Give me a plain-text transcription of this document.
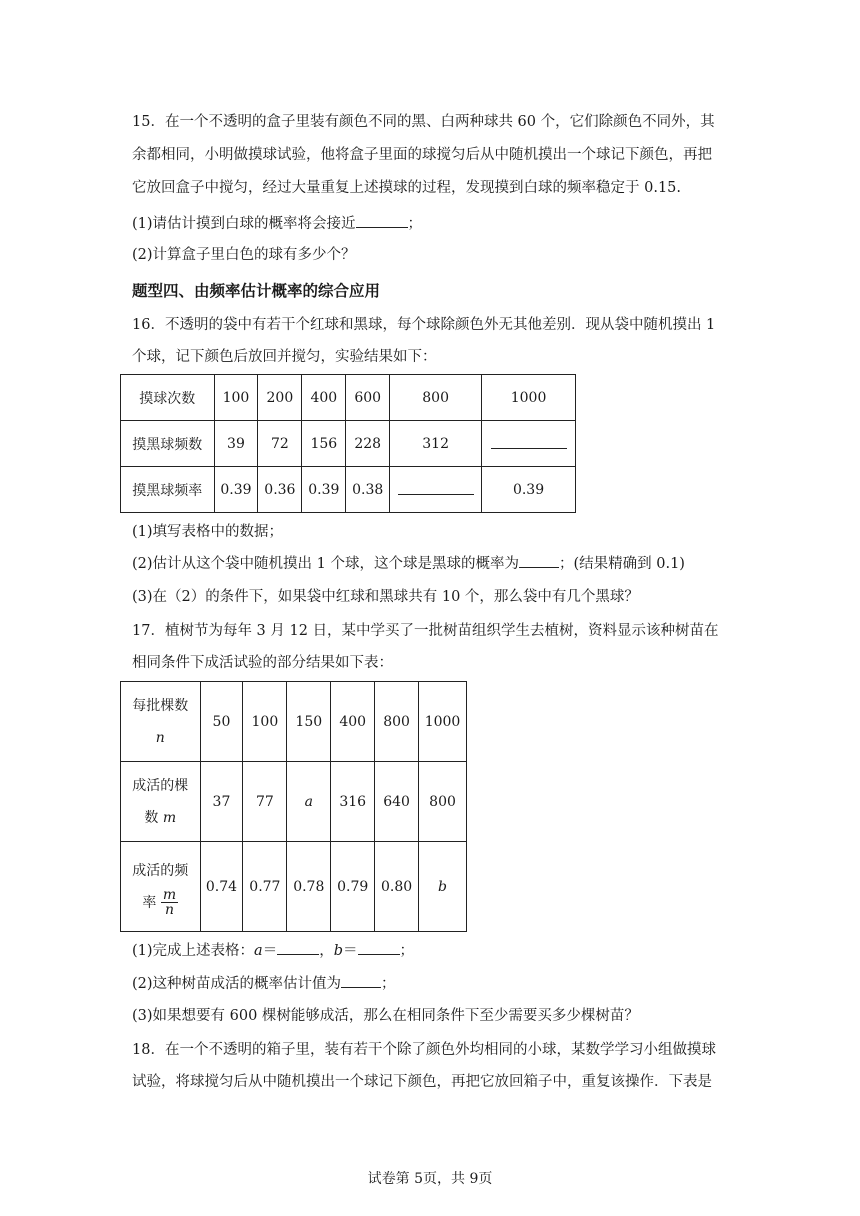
15．在一个不透明的盒子里装有颜色不同的黑、白两种球共 60 个，它们除颜色不同外，其
余都相同，小明做摸球试验，他将盒子里面的球搅匀后从中随机摸出一个球记下颜色，再把
它放回盒子中搅匀，经过大量重复上述摸球的过程，发现摸到白球的频率稳定于 0.15.
(1)请估计摸到白球的概率将会接近	；
(2)计算盒子里白色的球有多少个？
题型四、由频率估计概率的综合应用
16．不透明的袋中有若干个红球和黑球，每个球除颜色外无其他差别．现从袋中随机摸出 1
个球，记下颜色后放回并搅匀，实验结果如下：
摸球次数	100	200	400	600	800	1000
摸黑球频数	39	72	156	228	312	
摸黑球频率	0.39	0.36	0.39	0.38		0.39
(1)填写表格中的数据；
(2)估计从这个袋中随机摸出 1 个球，这个球是黑球的概率为	；(结果精确到 0.1)
(3)在（2）的条件下，如果袋中红球和黑球共有 10 个，那么袋中有几个黑球？
17．植树节为每年 3 月 12 日，某中学买了一批树苗组织学生去植树，资料显示该种树苗在
相同条件下成活试验的部分结果如下表：
每批棵数
n	50	100	150	400	800	1000

成活的棵
数 m	37	77	a	316	640	800

成活的频
率 $\frac{m}{n}$	0.74	0.77	0.78	0.79	0.80	b
(1)完成上述表格：a＝	，b＝	；
(2)这种树苗成活的概率估计值为	；
(3)如果想要有 600 棵树能够成活，那么在相同条件下至少需要买多少棵树苗？
18．在一个不透明的箱子里，装有若干个除了颜色外均相同的小球，某数学学习小组做摸球
试验，将球搅匀后从中随机摸出一个球记下颜色，再把它放回箱子中，重复该操作．下表是
试卷第 5页，共 9页
